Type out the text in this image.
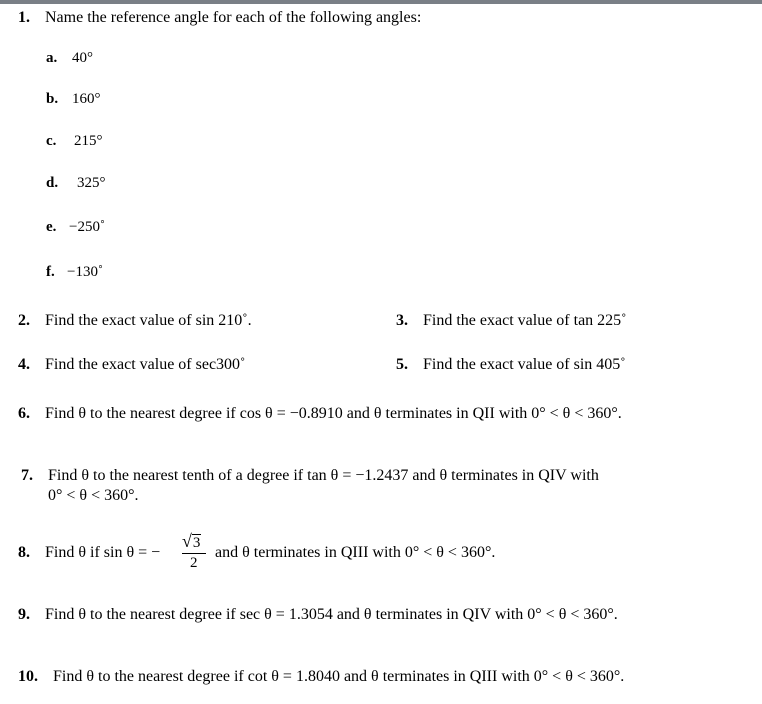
1. Name the reference angle for each of the following angles:
a. 40°
b. 160°
c. 215°
d. 325°
e. −250˚
f. −130˚
2. Find the exact value of sin 210˚.	3. Find the exact value of tan 225˚
4. Find the exact value of sec300˚	5. Find the exact value of sin 405˚
6. Find θ to the nearest degree if cos θ = −0.8910 and θ terminates in QII with 0° < θ < 360°.
7. Find θ to the nearest tenth of a degree if tan θ = −1.2437 and θ terminates in QIV with
0° < θ < 360°.
8. Find θ if sin θ = −
√3
2
and θ terminates in QIII with 0° < θ < 360°.
9. Find θ to the nearest degree if sec θ = 1.3054 and θ terminates in QIV with 0° < θ < 360°.
10. Find θ to the nearest degree if cot θ = 1.8040 and θ terminates in QIII with 0° < θ < 360°.
